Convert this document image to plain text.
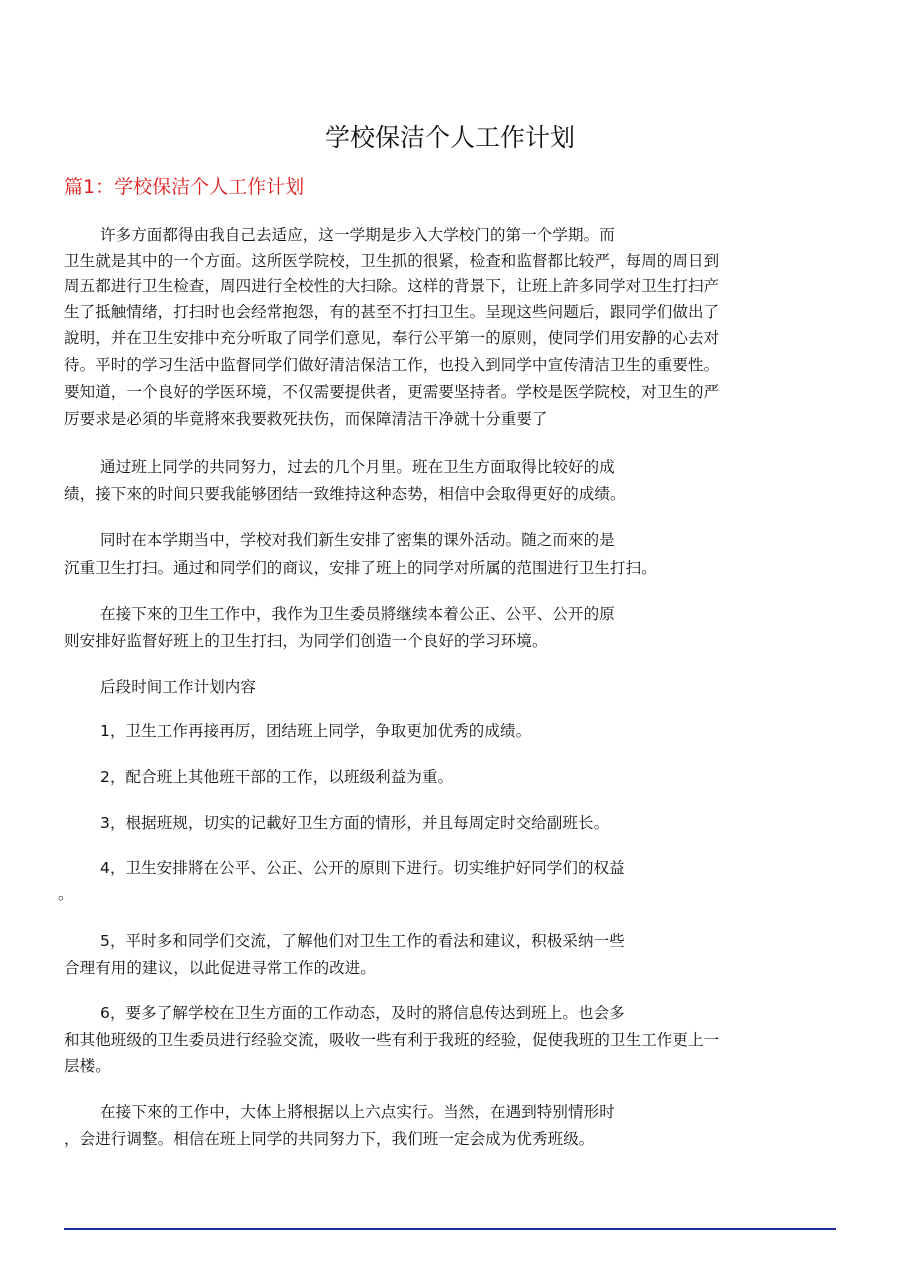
学校保洁个人工作计划
篇1：学校保洁个人工作计划

许多方面都得由我自己去适应，这一学期是步入大学校门的第一个学期。而

卫生就是其中的一个方面。这所医学院校，卫生抓的很紧，检查和监督都比较严，每周的周日到

周五都进行卫生检查，周四进行全校性的大扫除。这样的背景下，让班上許多同学对卫生打扫产

生了抵触情绪，打扫时也会经常抱怨，有的甚至不打扫卫生。呈现这些问题后，跟同学们做出了

說明，并在卫生安排中充分听取了同学们意见，奉行公平第一的原则，使同学们用安静的心去对

待。平时的学习生活中监督同学们做好清洁保洁工作，也投入到同学中宣传清洁卫生的重要性。

要知道，一个良好的学医环境，不仅需要提供者，更需要坚持者。学校是医学院校，对卫生的严

厉要求是必須的毕竟將來我要救死扶伤，而保障清洁干净就十分重要了

通过班上同学的共同努力，过去的几个月里。班在卫生方面取得比较好的成

绩，接下來的时间只要我能够团结一致维持这种态势，相信中会取得更好的成绩。

同时在本学期当中，学校对我们新生安排了密集的课外活动。随之而來的是

沉重卫生打扫。通过和同学们的商议，安排了班上的同学对所属的范围进行卫生打扫。

在接下來的卫生工作中，我作为卫生委员將继续本着公正、公平、公开的原

则安排好监督好班上的卫生打扫，为同学们创造一个良好的学习环境。

后段时间工作计划内容

1，卫生工作再接再厉，团结班上同学，争取更加优秀的成绩。

2，配合班上其他班干部的工作，以班级利益为重。

3，根据班规，切实的记載好卫生方面的情形，并且每周定时交给副班长。

4，卫生安排將在公平、公正、公开的原則下进行。切实维护好同学们的权益

。

5，平时多和同学们交流，了解他们对卫生工作的看法和建议，积极采纳一些

合理有用的建议，以此促进寻常工作的改进。

6，要多了解学校在卫生方面的工作动态，及时的將信息传达到班上。也会多

和其他班级的卫生委员进行经验交流，吸收一些有利于我班的经验，促使我班的卫生工作更上一

层楼。

在接下來的工作中，大体上將根据以上六点实行。当然，在遇到特别情形时

，会进行调整。相信在班上同学的共同努力下，我们班一定会成为优秀班级。
